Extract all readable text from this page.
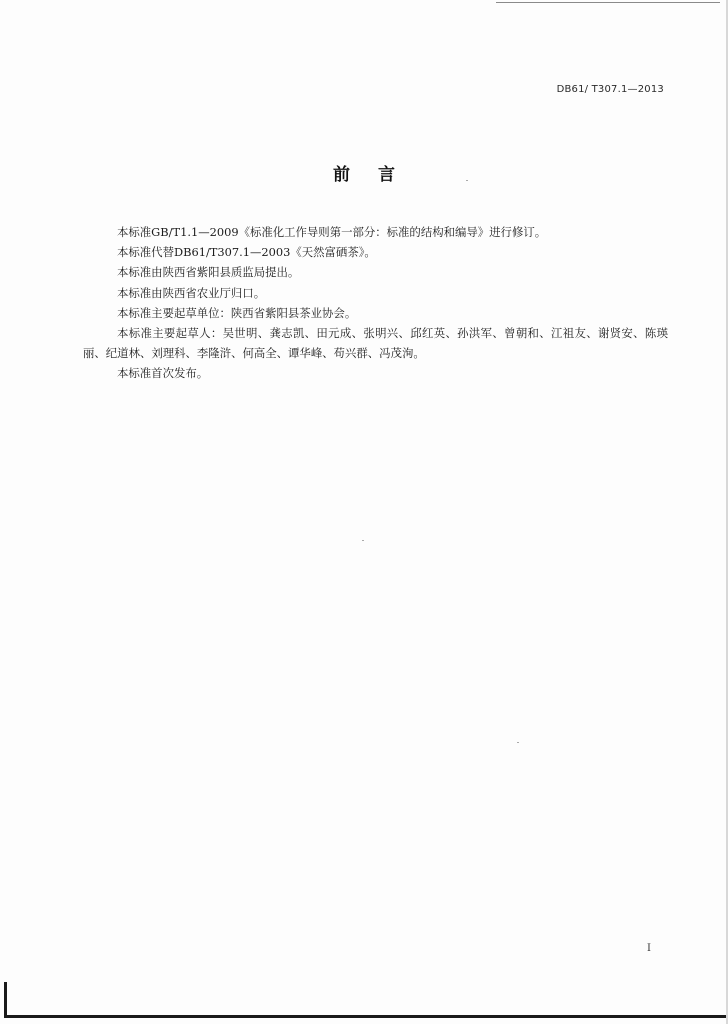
DB61/ T307.1—2013
前言

本标准GB/T1.1—2009《标准化工作导则第一部分：标准的结构和编导》进行修订。

本标准代替DB61/T307.1—2003《天然富硒茶》。

本标准由陕西省紫阳县质监局提出。

本标准由陕西省农业厅归口。

本标准主要起草单位：陕西省紫阳县茶业协会。

本标准主要起草人：吴世明、龚志凯、田元成、张明兴、邱红英、孙洪军、曾朝和、江祖友、谢贤安、陈瑛丽、纪道林、刘理科、李隆浒、何高全、谭华峰、苟兴群、冯茂洵。

本标准首次发布。

I
